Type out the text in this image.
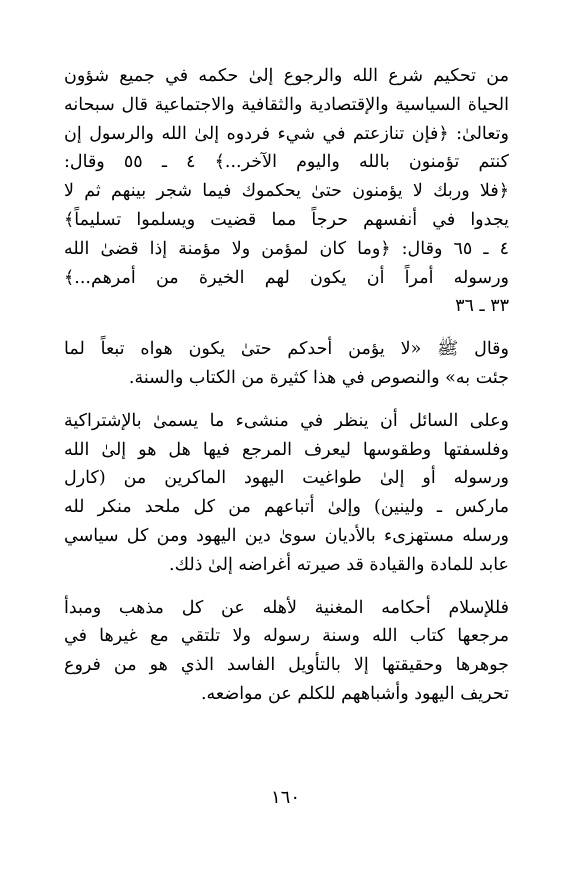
من تحكيم شرع الله والرجوع إلىٰ حكمه في جميع شؤون
الحياة السياسية والإقتصادية والثقافية والاجتماعية قال سبحانه
وتعالىٰ: ﴿فإن تنازعتم في شيء فردوه إلىٰ الله والرسول إن
كنتم تؤمنون بالله واليوم الآخر...﴾ ٤ ـ ٥٥ وقال:
﴿فلا وربك لا يؤمنون حتىٰ يحكموك فيما شجر بينهم ثم لا
يجدوا في أنفسهم حرجاً مما قضيت ويسلموا تسليماً﴾
٤ ـ ٦٥ وقال: ﴿وما كان لمؤمن ولا مؤمنة إذا قضىٰ الله
ورسوله أمراً أن يكون لهم الخيرة من أمرهم...﴾
٣٣ ـ ٣٦
وقال ﷺ «لا يؤمن أحدكم حتىٰ يكون هواه تبعاً لما
جئت به» والنصوص في هذا كثيرة من الكتاب والسنة.
وعلى السائل أن ينظر في منشىء ما يسمىٰ بالإشتراكية
وفلسفتها وطقوسها ليعرف المرجع فيها هل هو إلىٰ الله
ورسوله أو إلىٰ طواغيت اليهود الماكرين من (كارل
ماركس ـ ولينين) وإلىٰ أتباعهم من كل ملحد منكر لله
ورسله مستهزىء بالأديان سوىٰ دين اليهود ومن كل سياسي
عابد للمادة والقيادة قد صيرته أغراضه إلىٰ ذلك.
فللإسلام أحكامه المغنية لأهله عن كل مذهب ومبدأ
مرجعها كتاب الله وسنة رسوله ولا تلتقي مع غيرها في
جوهرها وحقيقتها إلا بالتأويل الفاسد الذي هو من فروع
تحريف اليهود وأشباههم للكلم عن مواضعه.
١٦٠
